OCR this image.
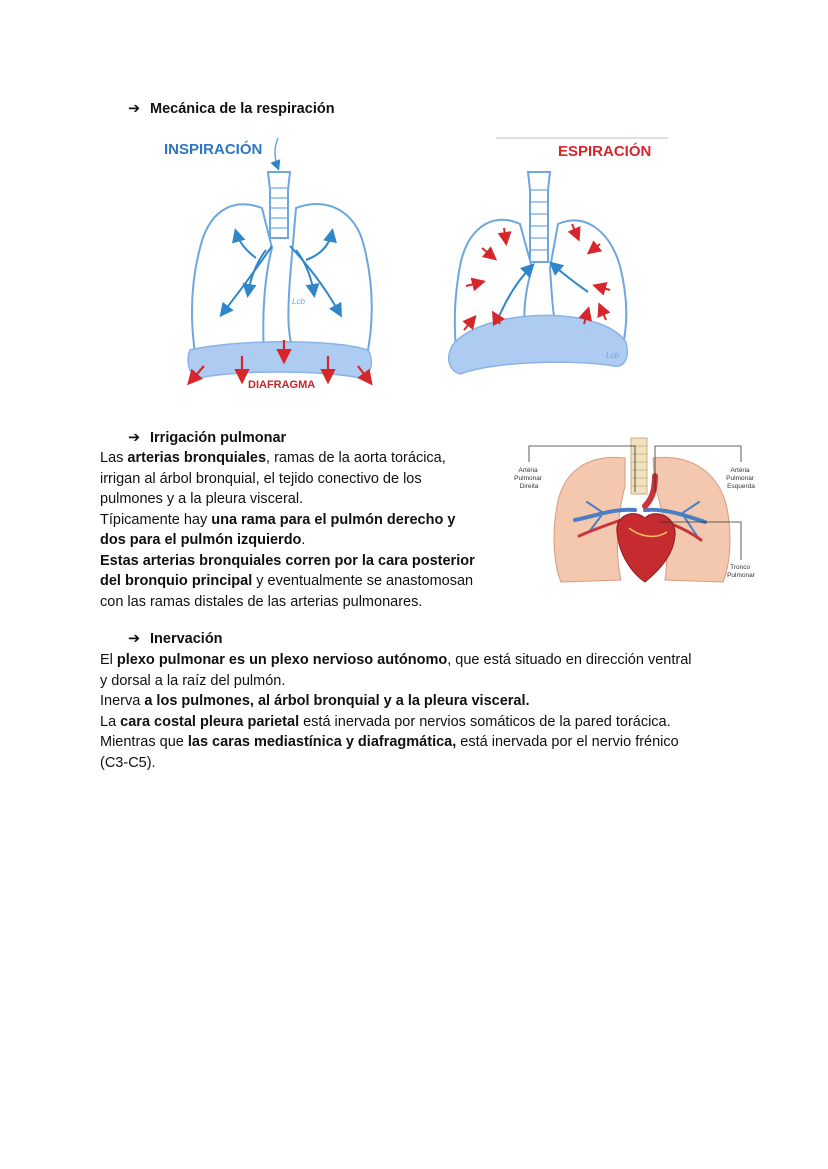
➔ Mecánica de la respiración
INSPIRACIÓN
DIAFRAGMA
Lcb
ESPIRACIÓN
Lcb
➔ Irrigación pulmonar
Las arterias bronquiales, ramas de la aorta torácica,
irrigan al árbol bronquial, el tejido conectivo de los
pulmones y a la pleura visceral.
Típicamente hay una rama para el pulmón derecho y
dos para el pulmón izquierdo.
Estas arterias bronquiales corren por la cara posterior
del bronquio principal y eventualmente se anastomosan
con las ramas distales de las arterias pulmonares.
Artéria Pulmonar Direita
Artéria Pulmonar Esquerda
Tronco Pulmonar
➔ Inervación
El plexo pulmonar es un plexo nervioso autónomo, que está situado en dirección ventral
y dorsal a la raíz del pulmón.
Inerva a los pulmones, al árbol bronquial y a la pleura visceral.
La cara costal pleura parietal está inervada por nervios somáticos de la pared torácica.
Mientras que las caras mediastínica y diafragmática, está inervada por el nervio frénico
(C3-C5).
